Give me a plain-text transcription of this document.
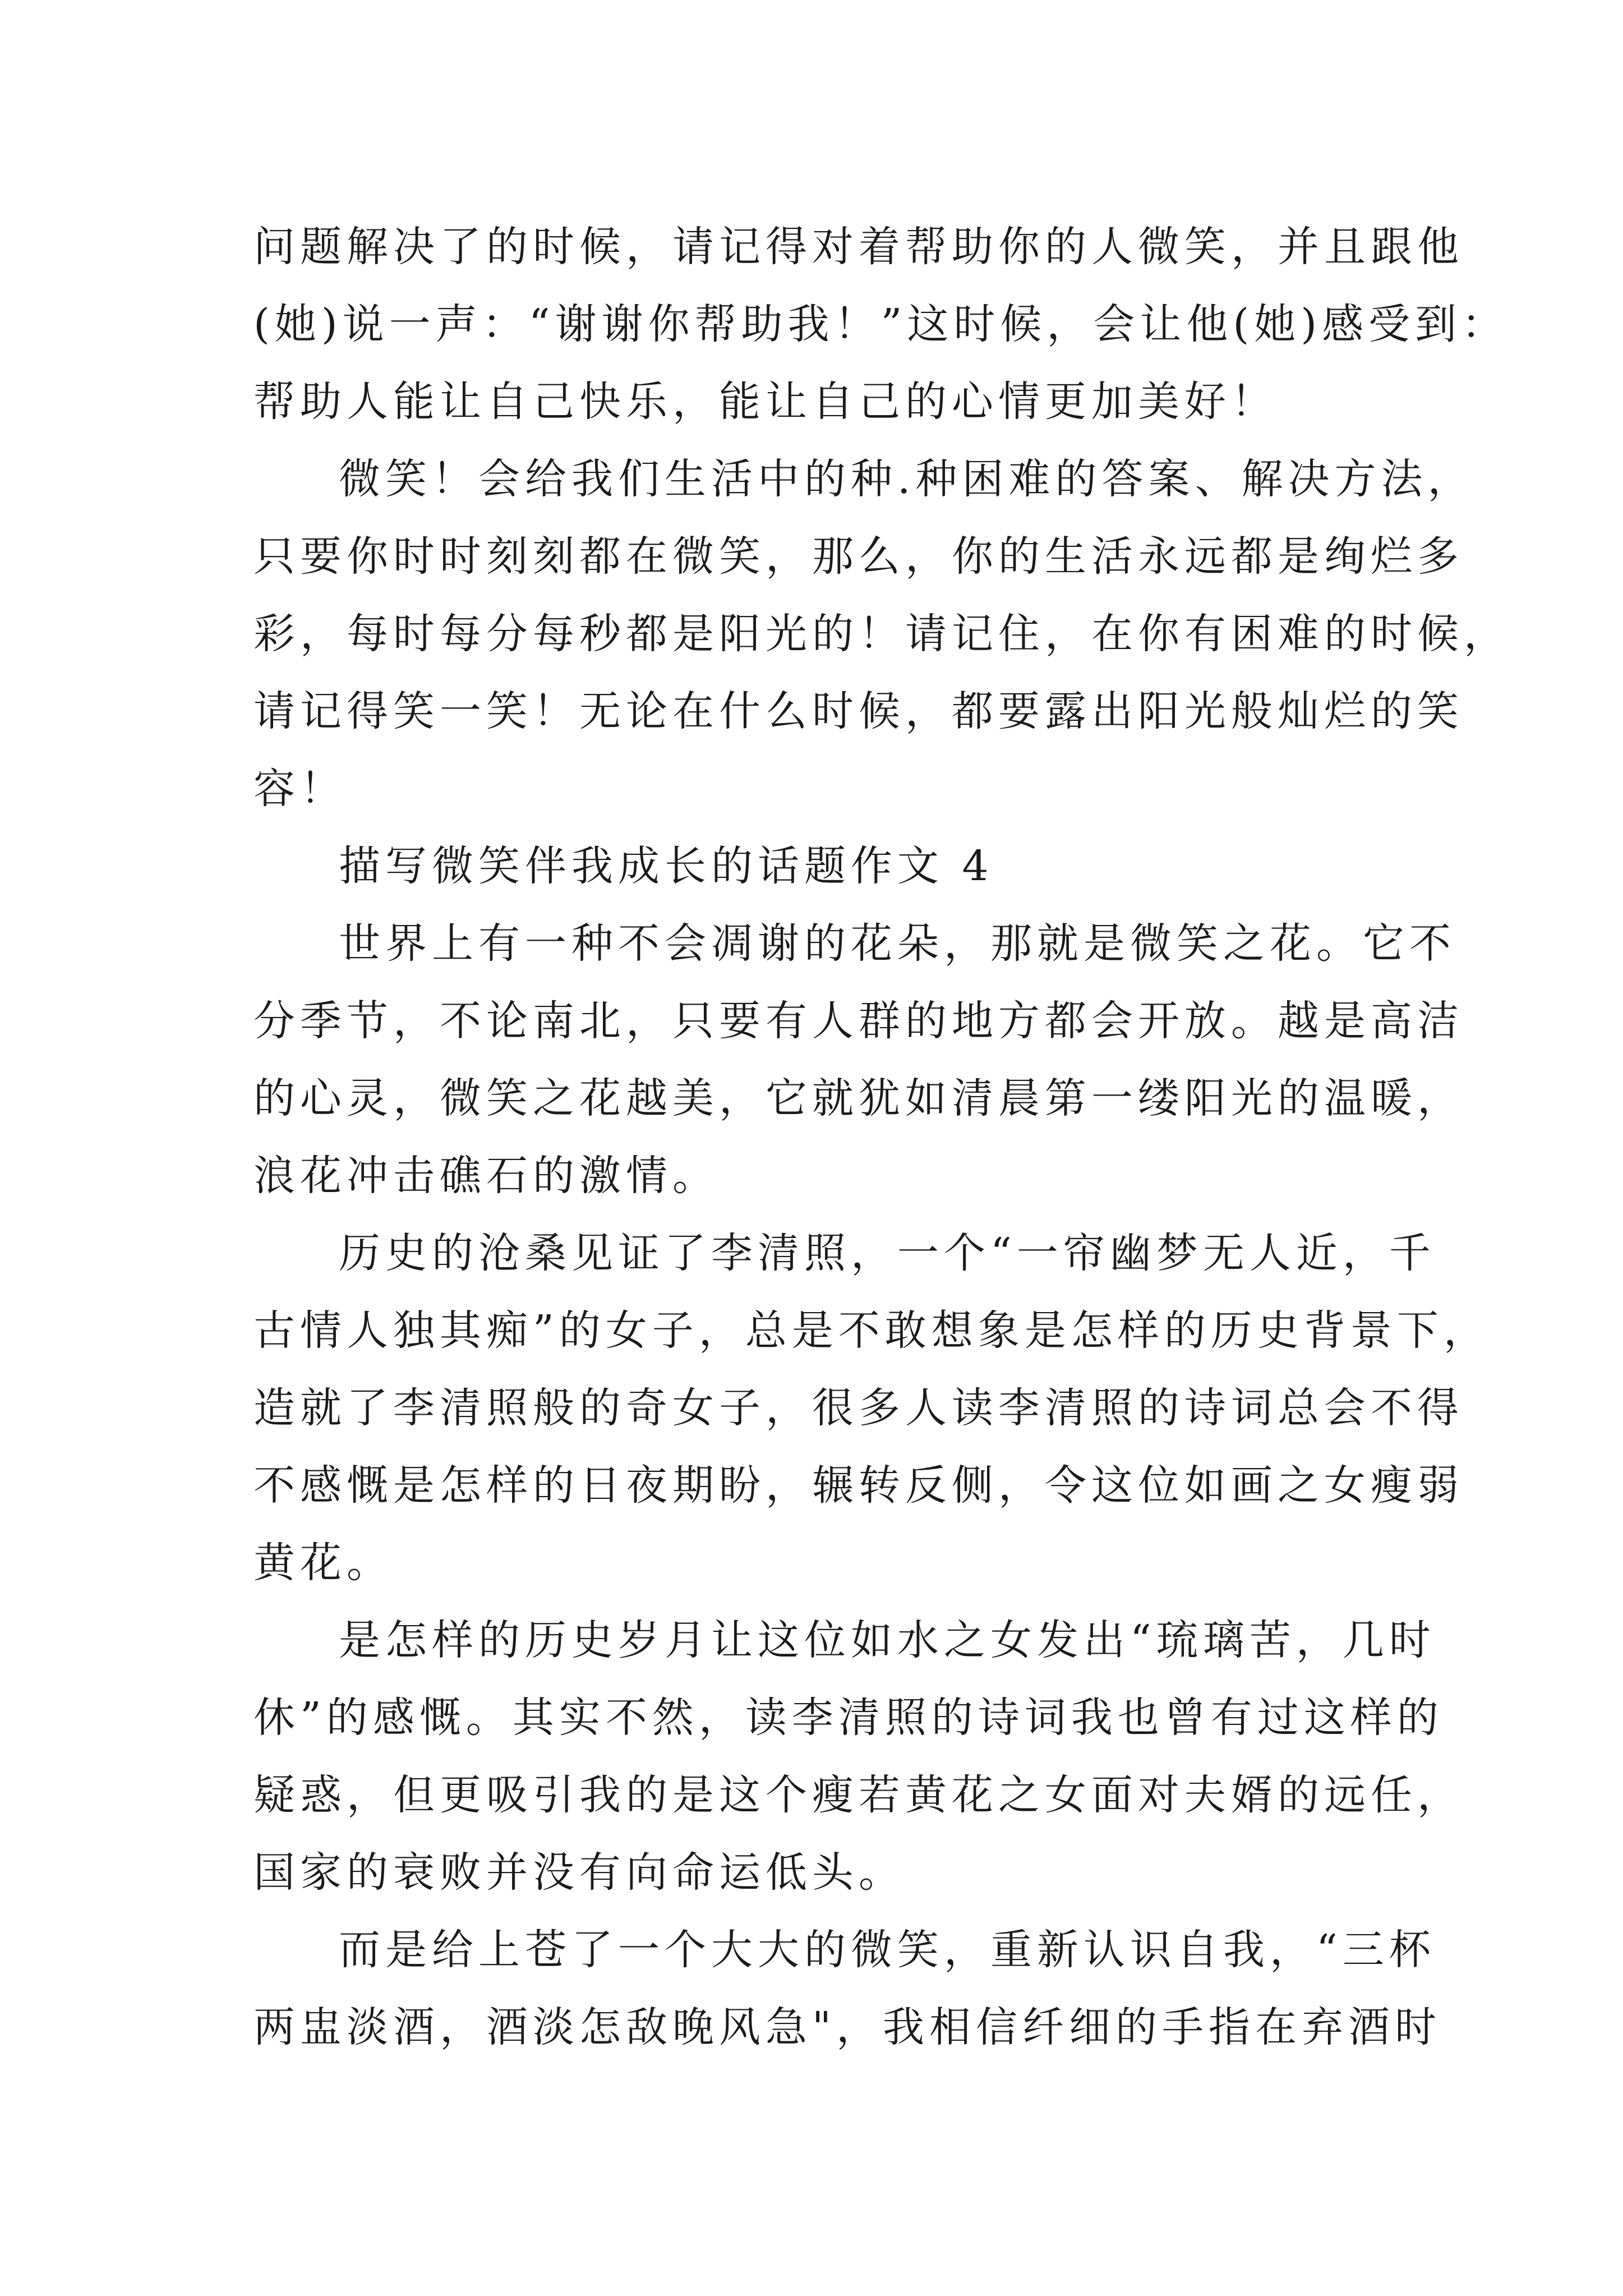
问题解决了的时候，请记得对着帮助你的人微笑，并且跟他
(她)说一声：“谢谢你帮助我！”这时候，会让他(她)感受到：
帮助人能让自己快乐，能让自己的心情更加美好！
微笑！会给我们生活中的种.种困难的答案、解决方法，
只要你时时刻刻都在微笑，那么，你的生活永远都是绚烂多
彩，每时每分每秒都是阳光的！请记住，在你有困难的时候，
请记得笑一笑！无论在什么时候，都要露出阳光般灿烂的笑
容！
描写微笑伴我成长的话题作文 4
世界上有一种不会凋谢的花朵，那就是微笑之花。它不
分季节，不论南北，只要有人群的地方都会开放。越是高洁
的心灵，微笑之花越美，它就犹如清晨第一缕阳光的温暖，
浪花冲击礁石的激情。
历史的沧桑见证了李清照，一个“一帘幽梦无人近，千
古情人独其痴”的女子，总是不敢想象是怎样的历史背景下，
造就了李清照般的奇女子，很多人读李清照的诗词总会不得
不感慨是怎样的日夜期盼，辗转反侧，令这位如画之女瘦弱
黄花。
是怎样的历史岁月让这位如水之女发出“琉璃苦，几时
休”的感慨。其实不然，读李清照的诗词我也曾有过这样的
疑惑，但更吸引我的是这个瘦若黄花之女面对夫婿的远任，
国家的衰败并没有向命运低头。
而是给上苍了一个大大的微笑，重新认识自我，“三杯
两盅淡酒，酒淡怎敌晚风急"，我相信纤细的手指在弃酒时
